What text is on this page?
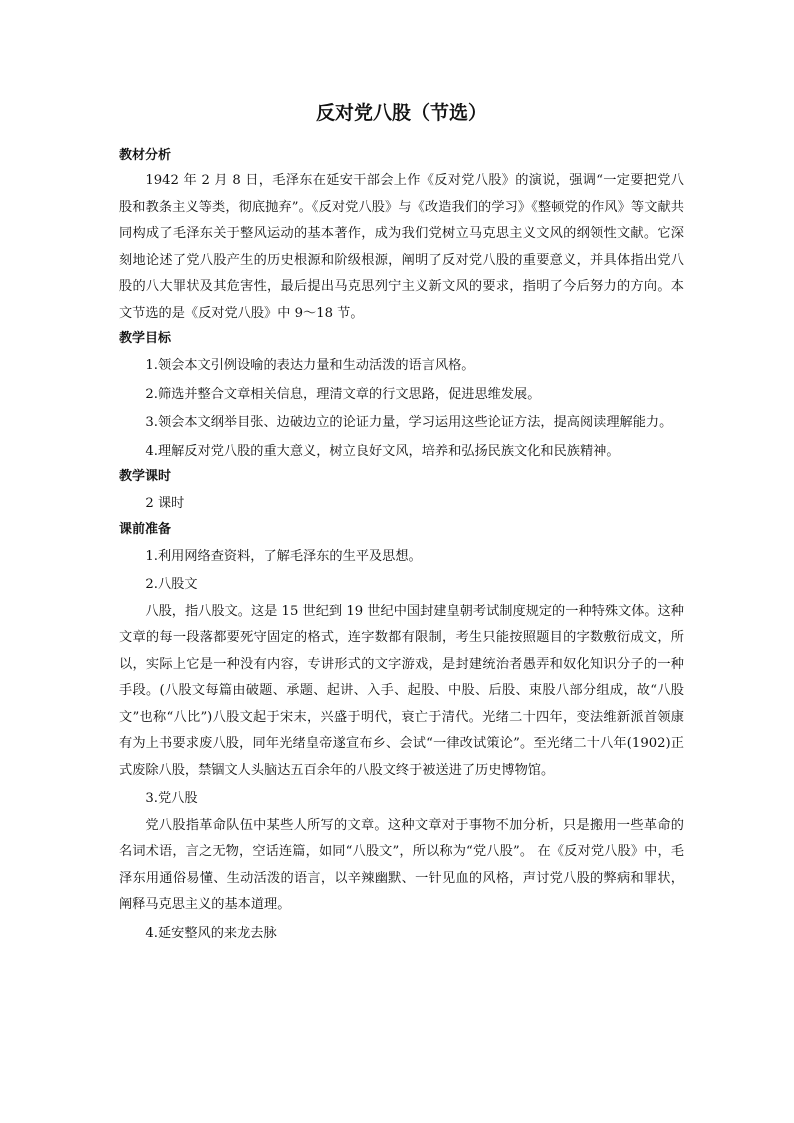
反对党八股（节选）

教材分析

1942 年 2 月 8 日，毛泽东在延安干部会上作《反对党八股》的演说，强调“一定要把党八股和教条主义等类，彻底抛弃”。《反对党八股》与《改造我们的学习》《整顿党的作风》等文献共同构成了毛泽东关于整风运动的基本著作，成为我们党树立马克思主义文风的纲领性文献。它深刻地论述了党八股产生的历史根源和阶级根源，阐明了反对党八股的重要意义，并具体指出党八股的八大罪状及其危害性，最后提出马克思列宁主义新文风的要求，指明了今后努力的方向。本文节选的是《反对党八股》中 9～18 节。

教学目标

1.领会本文引例设喻的表达力量和生动活泼的语言风格。

2.筛选并整合文章相关信息，理清文章的行文思路，促进思维发展。

3.领会本文纲举目张、边破边立的论证力量，学习运用这些论证方法，提高阅读理解能力。

4.理解反对党八股的重大意义，树立良好文风，培养和弘扬民族文化和民族精神。

教学课时

2 课时

课前准备

1.利用网络查资料，了解毛泽东的生平及思想。

2.八股文

八股，指八股文。这是 15 世纪到 19 世纪中国封建皇朝考试制度规定的一种特殊文体。这种文章的每一段落都要死守固定的格式，连字数都有限制，考生只能按照题目的字数敷衍成文，所以，实际上它是一种没有内容，专讲形式的文字游戏，是封建统治者愚弄和奴化知识分子的一种手段。(八股文每篇由破题、承题、起讲、入手、起股、中股、后股、束股八部分组成，故“八股文”也称“八比”)八股文起于宋末，兴盛于明代，衰亡于清代。光绪二十四年，变法维新派首领康有为上书要求废八股，同年光绪皇帝遂宣布乡、会试“一律改试策论”。至光绪二十八年(1902)正式废除八股，禁锢文人头脑达五百余年的八股文终于被送进了历史博物馆。

3.党八股

党八股指革命队伍中某些人所写的文章。这种文章对于事物不加分析，只是搬用一些革命的名词术语，言之无物，空话连篇，如同“八股文”，所以称为“党八股”。 在《反对党八股》中，毛泽东用通俗易懂、生动活泼的语言，以辛辣幽默、一针见血的风格，声讨党八股的弊病和罪状，阐释马克思主义的基本道理。

4.延安整风的来龙去脉
